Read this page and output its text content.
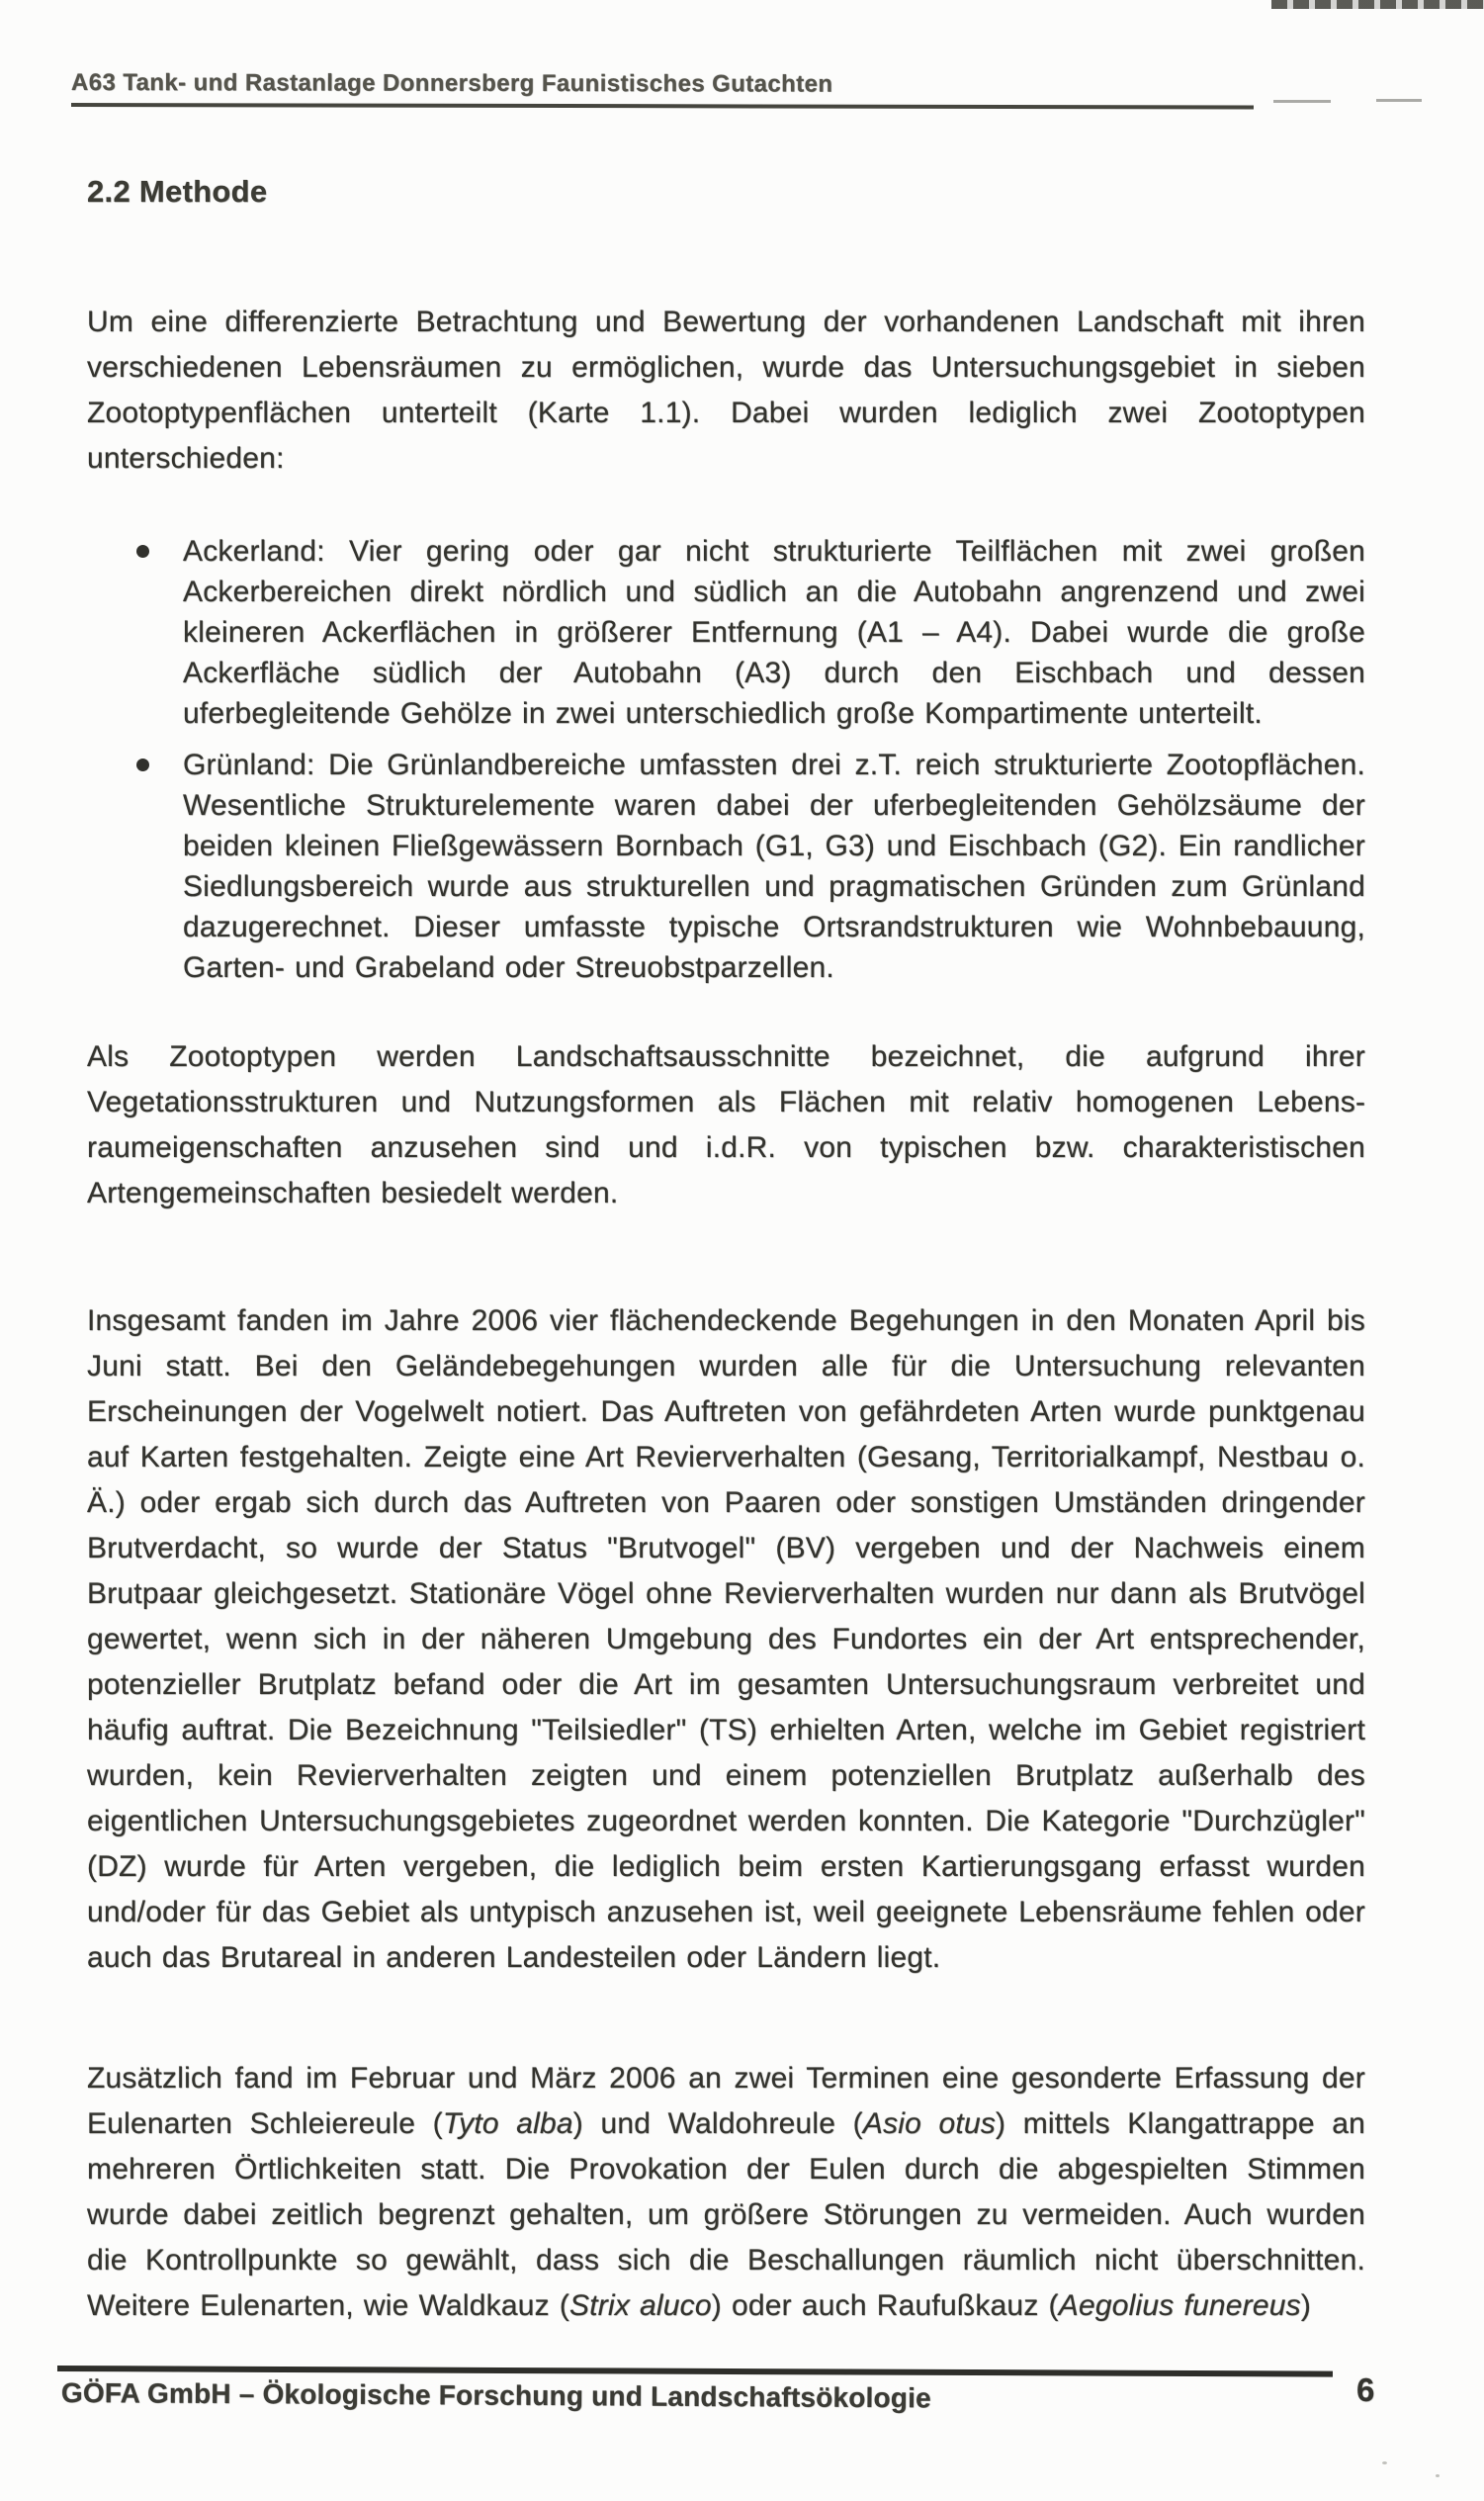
A63 Tank- und Rastanlage Donnersberg Faunistisches Gutachten
2.2 Methode

Um eine differenzierte Betrachtung und Bewertung der vorhandenen Landschaft mit ihren verschiedenen Lebensräumen zu ermöglichen, wurde das Untersuchungsgebiet in sieben Zootoptypenflächen unterteilt (Karte 1.1). Dabei wurden lediglich zwei Zootoptypen unterschieden:

Ackerland: Vier gering oder gar nicht strukturierte Teilflächen mit zwei großen Ackerbereichen direkt nördlich und südlich an die Autobahn angrenzend und zwei kleineren Ackerflächen in größerer Entfernung (A1 – A4). Dabei wurde die große Ackerfläche südlich der Autobahn (A3) durch den Eischbach und dessen uferbegleitende Gehölze in zwei unterschiedlich große Kompartimente unterteilt.

Grünland: Die Grünlandbereiche umfassten drei z.T. reich strukturierte Zootopflächen. Wesentliche Strukturelemente waren dabei der uferbegleitenden Gehölzsäume der beiden kleinen Fließgewässern Bornbach (G1, G3) und Eischbach (G2). Ein randlicher Siedlungsbereich wurde aus strukturellen und pragmatischen Gründen zum Grünland dazugerechnet. Dieser umfasste typische Ortsrandstrukturen wie Wohnbebauung, Garten- und Grabeland oder Streuobstparzellen.

Als Zootoptypen werden Landschaftsausschnitte bezeichnet, die aufgrund ihrer Vegetationsstrukturen und Nutzungsformen als Flächen mit relativ homogenen Lebensraumeigenschaften anzusehen sind und i.d.R. von typischen bzw. charakteristischen Artengemeinschaften besiedelt werden.

Insgesamt fanden im Jahre 2006 vier flächendeckende Begehungen in den Monaten April bis Juni statt. Bei den Geländebegehungen wurden alle für die Untersuchung relevanten Erscheinungen der Vogelwelt notiert. Das Auftreten von gefährdeten Arten wurde punktgenau auf Karten festgehalten. Zeigte eine Art Revierverhalten (Gesang, Territorialkampf, Nestbau o. Ä.) oder ergab sich durch das Auftreten von Paaren oder sonstigen Umständen dringender Brutverdacht, so wurde der Status "Brutvogel" (BV) vergeben und der Nachweis einem Brutpaar gleichgesetzt. Stationäre Vögel ohne Revierverhalten wurden nur dann als Brutvögel gewertet, wenn sich in der näheren Umgebung des Fundortes ein der Art entsprechender, potenzieller Brutplatz befand oder die Art im gesamten Untersuchungsraum verbreitet und häufig auftrat. Die Bezeichnung "Teilsiedler" (TS) erhielten Arten, welche im Gebiet registriert wurden, kein Revierverhalten zeigten und einem potenziellen Brutplatz außerhalb des eigentlichen Untersuchungsgebietes zugeordnet werden konnten. Die Kategorie "Durchzügler" (DZ) wurde für Arten vergeben, die lediglich beim ersten Kartierungsgang erfasst wurden und/oder für das Gebiet als untypisch anzusehen ist, weil geeignete Lebensräume fehlen oder auch das Brutareal in anderen Landesteilen oder Ländern liegt.

Zusätzlich fand im Februar und März 2006 an zwei Terminen eine gesonderte Erfassung der Eulenarten Schleiereule (Tyto alba) und Waldohreule (Asio otus) mittels Klangattrappe an mehreren Örtlichkeiten statt. Die Provokation der Eulen durch die abgespielten Stimmen wurde dabei zeitlich begrenzt gehalten, um größere Störungen zu vermeiden. Auch wurden die Kontrollpunkte so gewählt, dass sich die Beschallungen räumlich nicht überschnitten. Weitere Eulenarten, wie Waldkauz (Strix aluco) oder auch Raufußkauz (Aegolius funereus)

GÖFA GmbH – Ökologische Forschung und Landschaftsökologie	6
